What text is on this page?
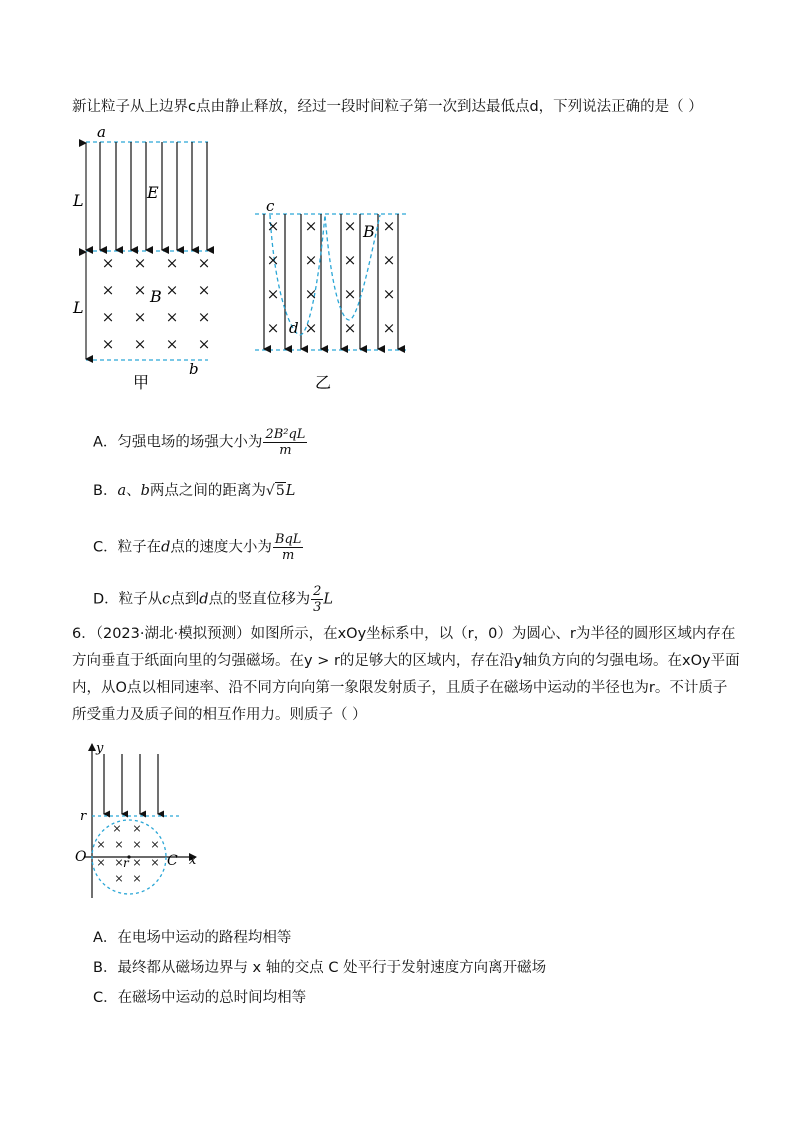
新让粒子从上边界c点由静止释放，经过一段时间粒子第一次到达最低点d，下列说法正确的是（ ）
× × × ×
× × × ×
× × × ×
× × × ×
a
E
B
L
L
b
甲
× × × ×
× × × ×
× × × ×
× × × ×
c
B
d
乙
A．匀强电场的场强大小为 $\frac{\text{2B²qL}}{m}$
B．a、b两点之间的距离为√5L
C．粒子在d点的速度大小为 $\frac{\text{BqL}}{m}$
D．粒子从c点到d点的竖直位移为 $\frac{2}{3}$ L
6．（2023·湖北·模拟预测）如图所示，在xOy坐标系中，以（r，0）为圆心、r为半径的圆形区域内存在
方向垂直于纸面向里的匀强磁场。在y > r的足够大的区域内，存在沿y轴负方向的匀强电场。在xOy平面
内，从O点以相同速率、沿不同方向向第一象限发射质子，且质子在磁场中运动的半径也为r。不计质子
所受重力及质子间的相互作用力。则质子（ ）
× ×
× × × ×
× × × ×
× ×
y
x
r
O	C
r
A．在电场中运动的路程均相等
B．最终都从磁场边界与 x 轴的交点 C 处平行于发射速度方向离开磁场
C．在磁场中运动的总时间均相等
